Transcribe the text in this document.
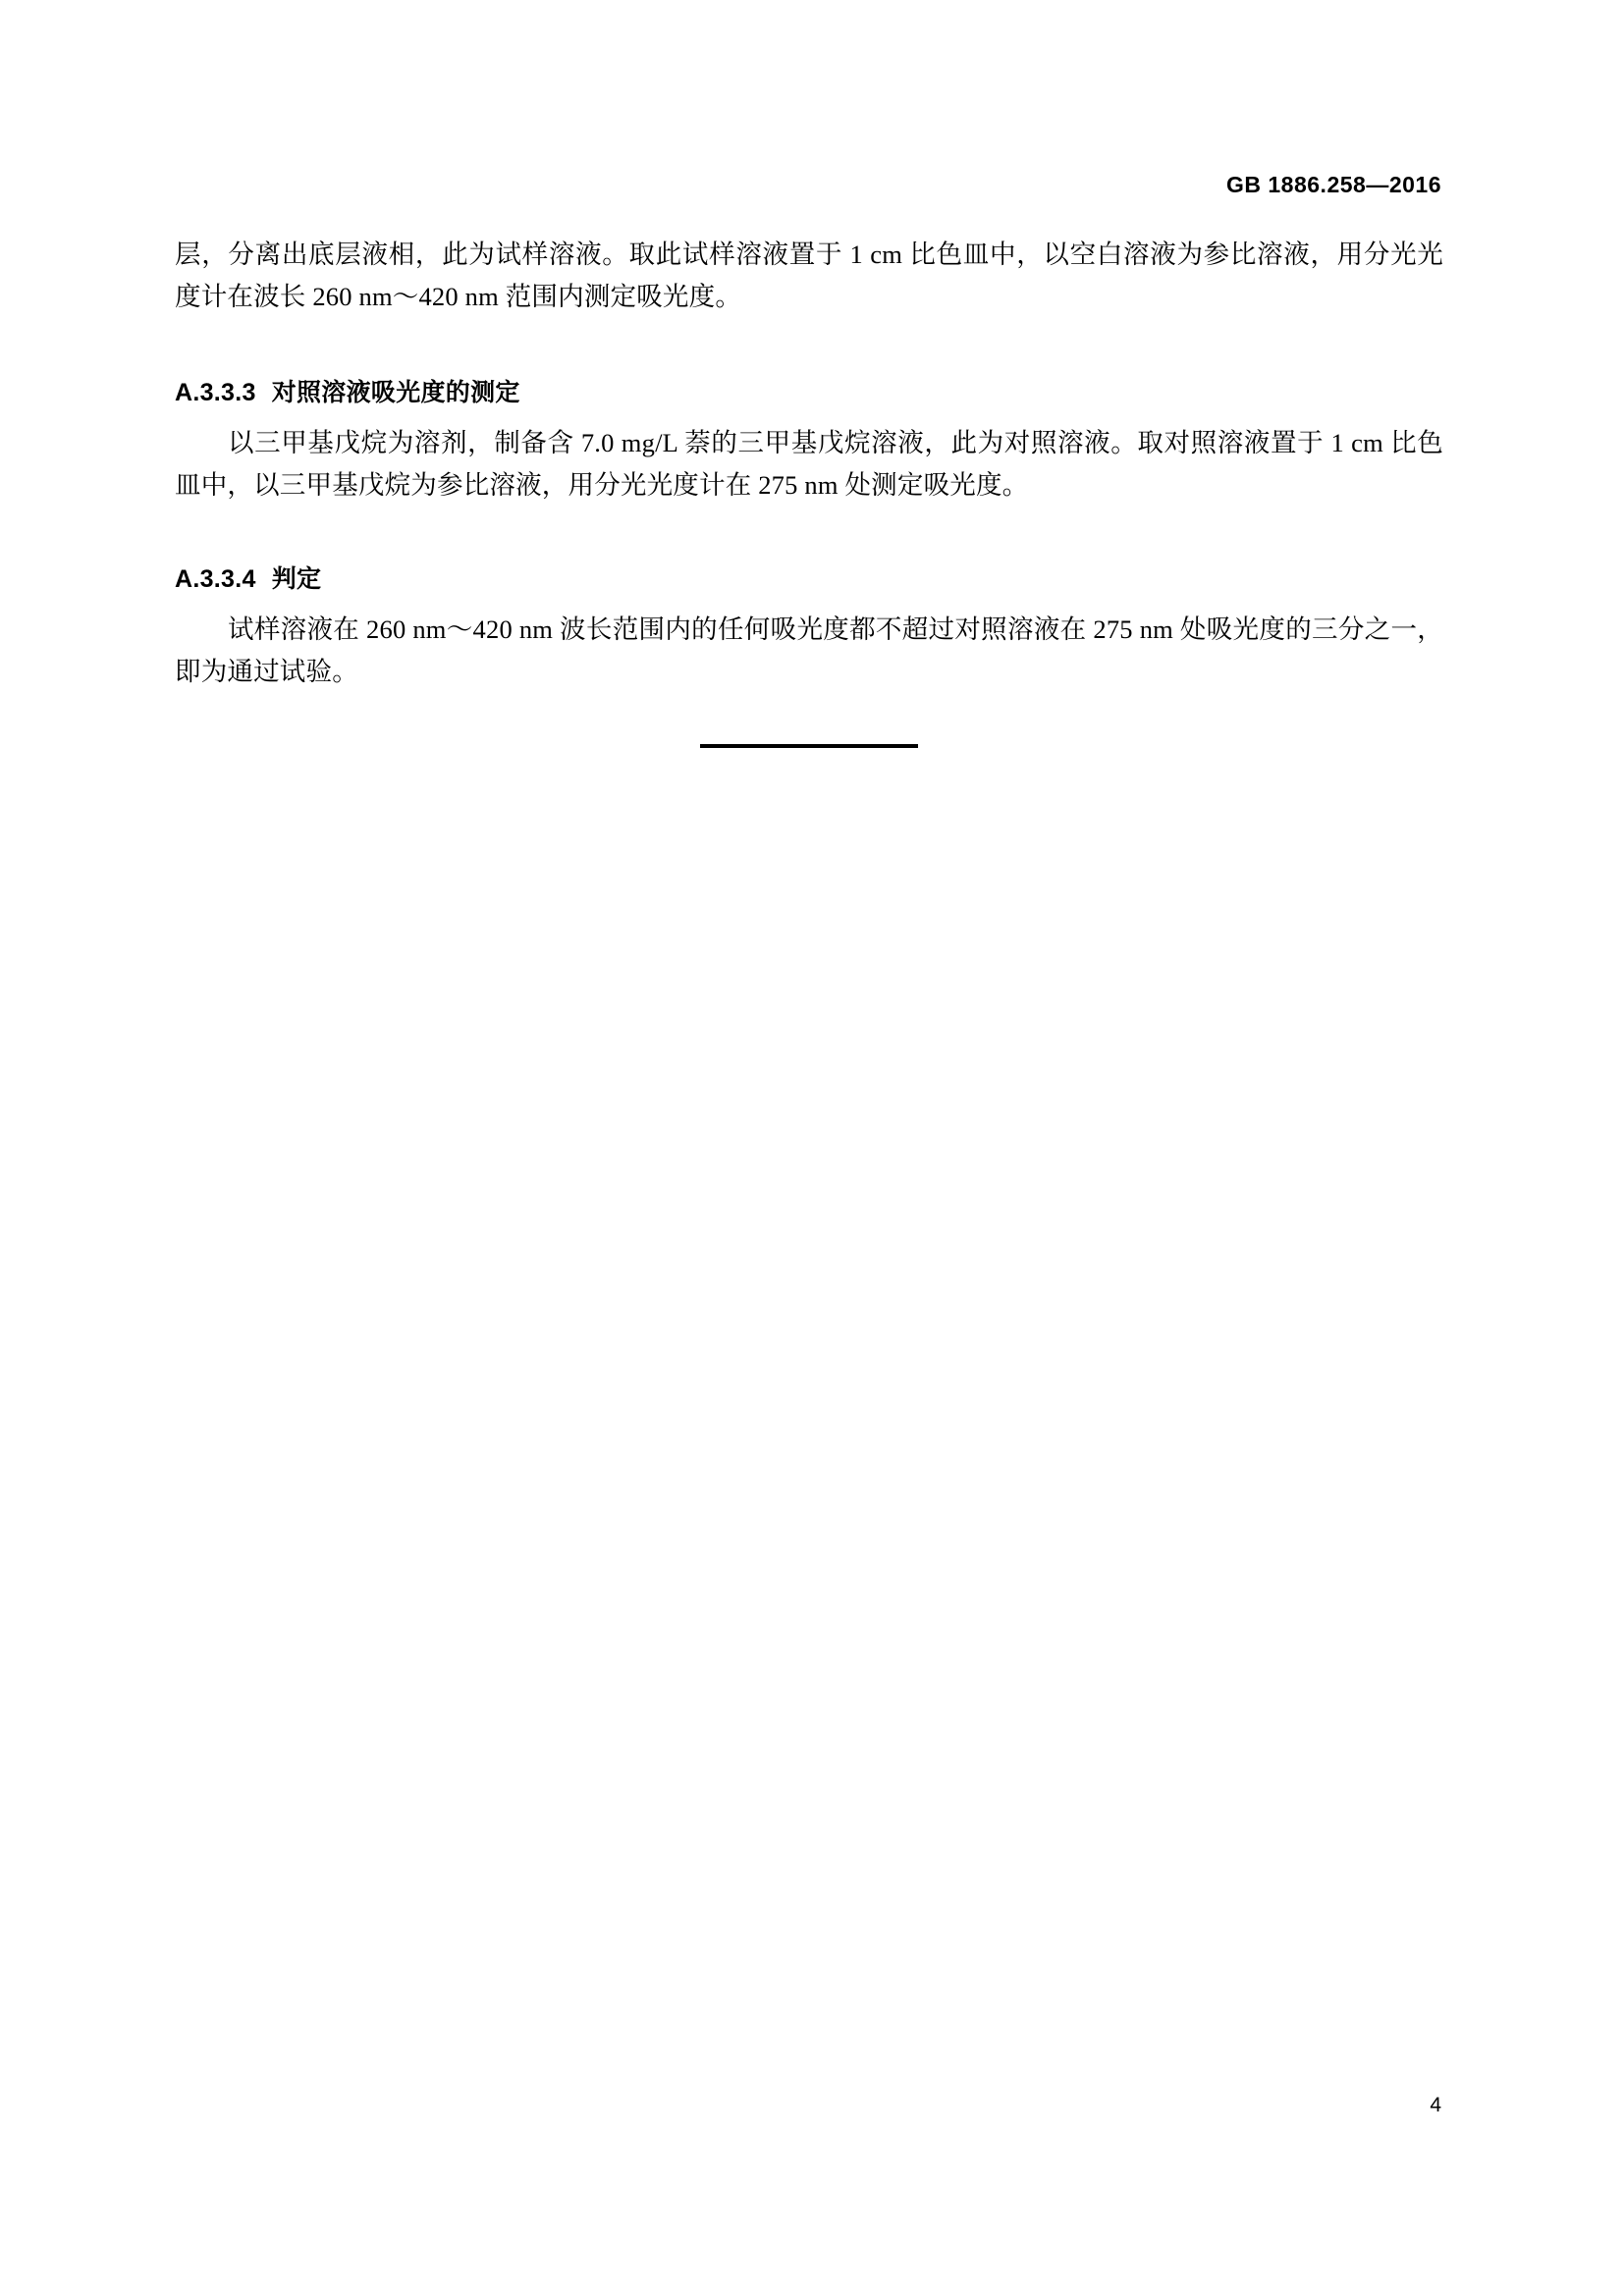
GB 1886.258—2016

层，分离出底层液相，此为试样溶液。取此试样溶液置于 1 cm 比色皿中，以空白溶液为参比溶液，用分光光度计在波长 260 nm～420 nm 范围内测定吸光度。

A.3.3.3 对照溶液吸光度的测定

以三甲基戊烷为溶剂，制备含 7.0 mg/L 萘的三甲基戊烷溶液，此为对照溶液。取对照溶液置于 1 cm 比色皿中，以三甲基戊烷为参比溶液，用分光光度计在 275 nm 处测定吸光度。

A.3.3.4 判定

试样溶液在 260 nm～420 nm 波长范围内的任何吸光度都不超过对照溶液在 275 nm 处吸光度的三分之一，即为通过试验。

4
